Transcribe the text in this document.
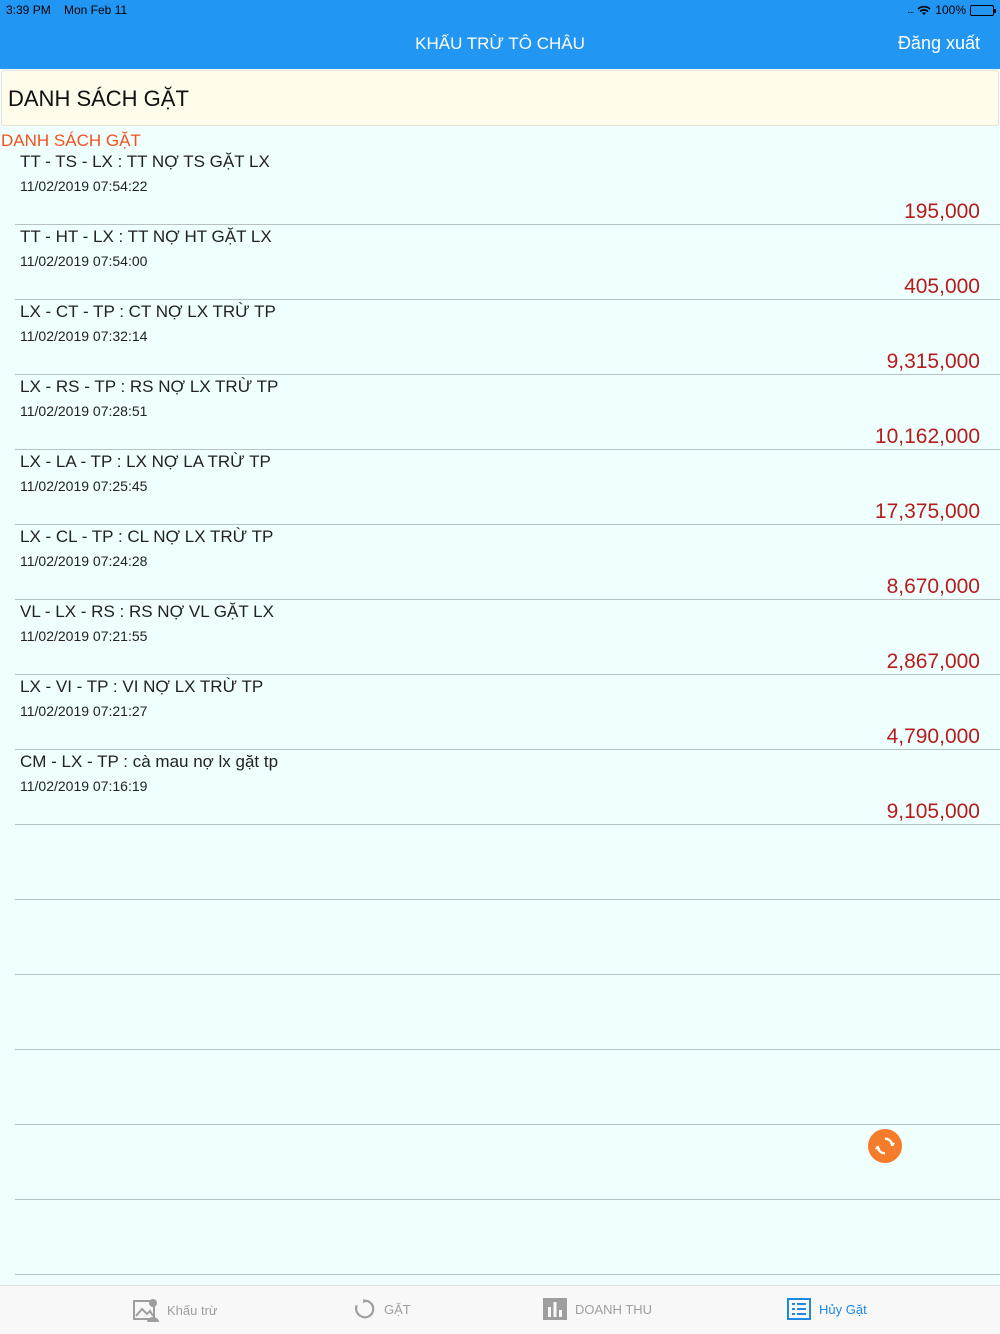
3:39 PM Mon Feb 11	.... 100%
KHẤU TRỪ TÔ CHÂU	Đăng xuất
DANH SÁCH GẶT
DANH SÁCH GẶT
TT - TS - LX : TT NỢ TS GẶT LX
11/02/2019 07:54:22
195,000
TT - HT - LX : TT NỢ HT GẶT LX
11/02/2019 07:54:00
405,000
LX - CT - TP : CT NỢ LX TRỪ TP
11/02/2019 07:32:14
9,315,000
LX - RS - TP : RS NỢ LX TRỪ TP
11/02/2019 07:28:51
10,162,000
LX - LA - TP : LX NỢ LA TRỪ TP
11/02/2019 07:25:45
17,375,000
LX - CL - TP : CL NỢ LX TRỪ TP
11/02/2019 07:24:28
8,670,000
VL - LX - RS : RS NỢ VL GẶT LX
11/02/2019 07:21:55
2,867,000
LX - VI - TP : VI NỢ LX TRỪ TP
11/02/2019 07:21:27
4,790,000
CM - LX - TP : cà mau nợ lx gặt tp
11/02/2019 07:16:19
9,105,000
Khấu trừ	GẶT	DOANH THU	Hủy Gặt
